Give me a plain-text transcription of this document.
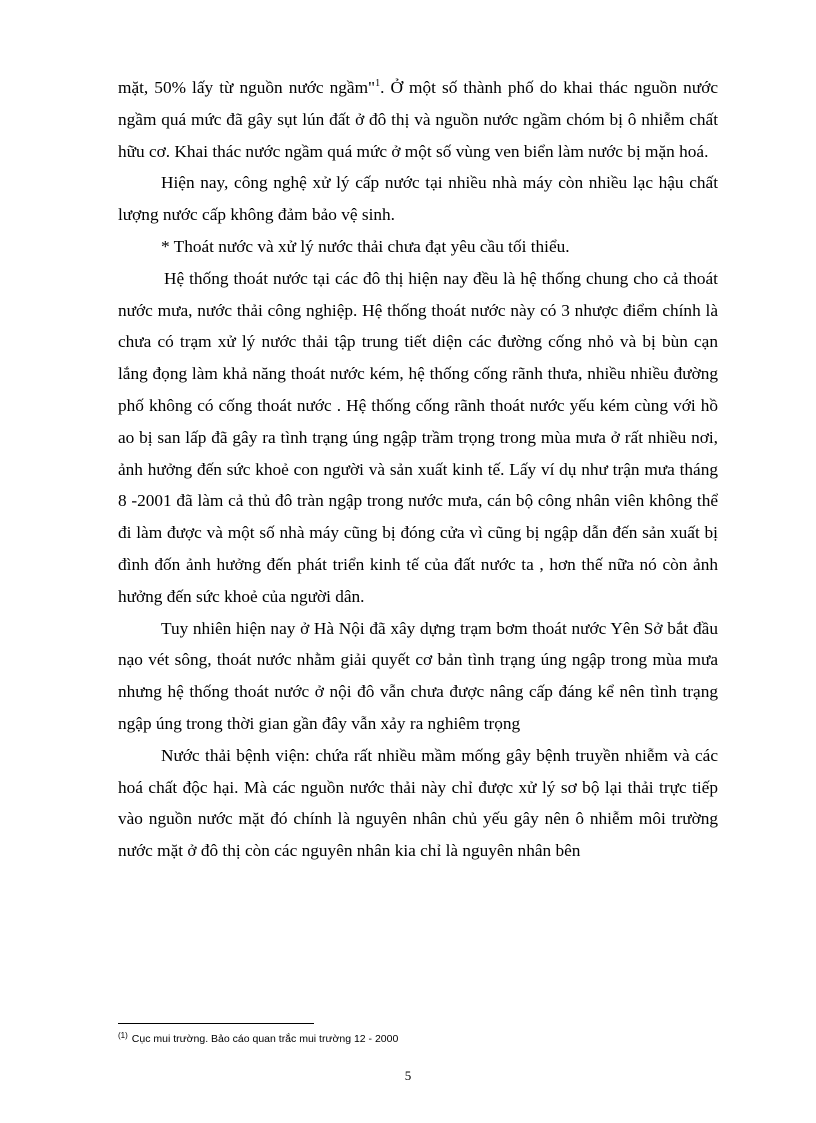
mặt, 50% lấy từ nguồn nước ngầm"$^1$. Ở một số thành phố do khai thác nguồn nước ngầm quá mức đã gây sụt lún đất ở đô thị và nguồn nước ngầm chóm bị ô nhiễm chất hữu cơ. Khai thác nước ngầm quá mức ở một số vùng ven biển làm nước bị mặn hoá.

Hiện nay, công nghệ xử lý cấp nước tại nhiều nhà máy còn nhiều lạc hậu chất lượng nước cấp không đảm bảo vệ sinh.

* Thoát nước và xử lý nước thải chưa đạt yêu cầu tối thiểu.

Hệ thống thoát nước tại các đô thị hiện nay đều là hệ thống chung cho cả thoát nước mưa, nước thải công nghiệp. Hệ thống thoát nước này có 3 nhược điểm chính là chưa có trạm xử lý nước thải tập trung tiết diện các đường cống nhỏ và bị bùn cạn lắng đọng làm khả năng thoát nước kém, hệ thống cống rãnh thưa, nhiều nhiều đường phố không có cống thoát nước . Hệ thống cống rãnh thoát nước yếu kém cùng với hồ ao bị san lấp đã gây ra tình trạng úng ngập trầm trọng trong mùa mưa ở rất nhiều nơi, ảnh hưởng đến sức khoẻ con người và sản xuất kinh tế. Lấy ví dụ như trận mưa tháng 8 -2001 đã làm cả thủ đô tràn ngập trong nước mưa, cán bộ công nhân viên không thể đi làm được và một số nhà máy cũng bị đóng cửa vì cũng bị ngập dẫn đến sản xuất bị đình đốn ảnh hưởng đến phát triển kinh tế của đất nước ta , hơn thế nữa nó còn ảnh hưởng đến sức khoẻ của người dân.

Tuy nhiên hiện nay ở Hà Nội đã xây dựng trạm bơm thoát nước Yên Sở bắt đầu nạo vét sông, thoát nước nhằm giải quyết cơ bản tình trạng úng ngập trong mùa mưa nhưng hệ thống thoát nước ở nội đô vẫn chưa được nâng cấp đáng kể nên tình trạng ngập úng trong thời gian gần đây vẫn xảy ra nghiêm trọng

Nước thải bệnh viện: chứa rất nhiều mầm mống gây bệnh truyền nhiễm và các hoá chất độc hại. Mà các nguồn nước thải này chỉ được xử lý sơ bộ lại thải trực tiếp vào nguồn nước mặt đó chính là nguyên nhân chủ yếu gây nên ô nhiễm môi trường nước mặt ở đô thị còn các nguyên nhân kia chỉ là nguyên nhân bên

$^{(1)}$ Cục mui trường. Bảo cáo quan trắc mui trường 12 - 2000
5
